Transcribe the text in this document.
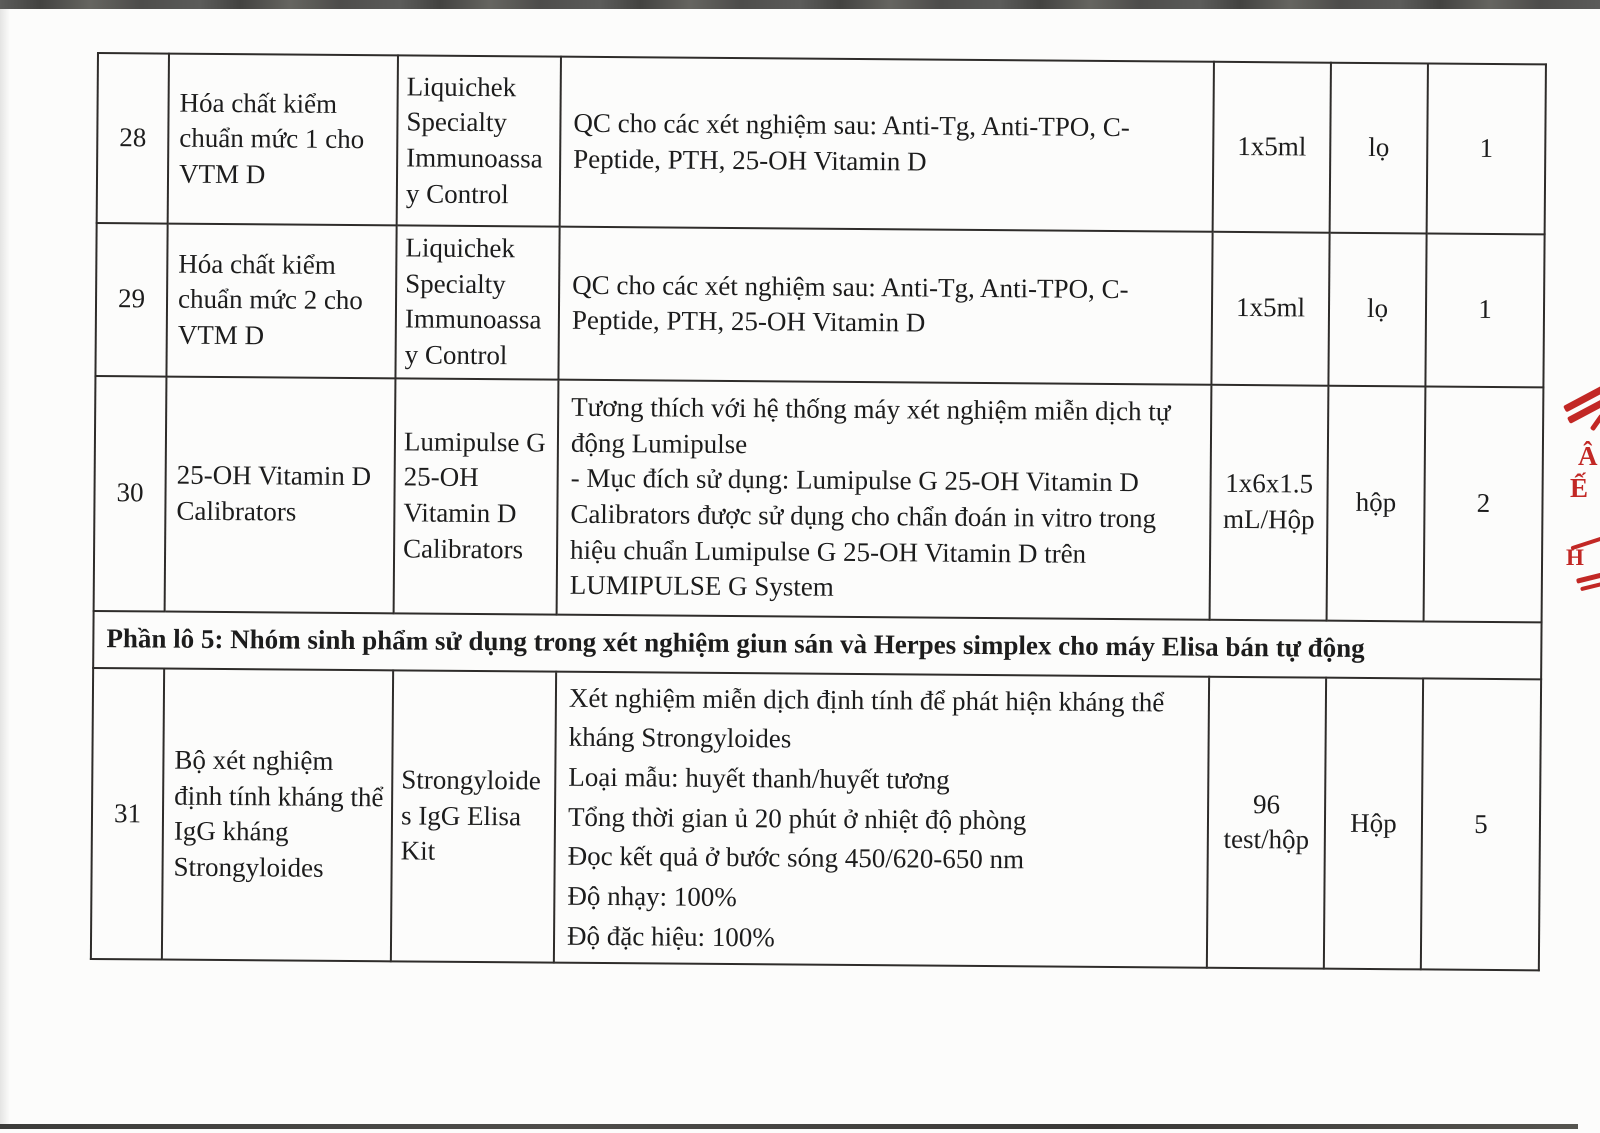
28	Hóa chất kiểm chuẩn mức 1 cho VTM D	Liquichek Specialty Immunoassay Control	QC cho các xét nghiệm sau: Anti-Tg, Anti-TPO, C-Peptide, PTH, 25-OH Vitamin D	1x5ml	lọ	1
29	Hóa chất kiểm chuẩn mức 2 cho VTM D	Liquichek Specialty Immunoassay Control	QC cho các xét nghiệm sau: Anti-Tg, Anti-TPO, C-Peptide, PTH, 25-OH Vitamin D	1x5ml	lọ	1
30	25-OH Vitamin D Calibrators	Lumipulse G 25-OH Vitamin D Calibrators	Tương thích với hệ thống máy xét nghiệm miễn dịch tự động Lumipulse
- Mục đích sử dụng: Lumipulse G 25-OH Vitamin D Calibrators được sử dụng cho chẩn đoán in vitro trong hiệu chuẩn Lumipulse G 25-OH Vitamin D trên LUMIPULSE G System	1x6x1.5 mL/Hộp	hộp	2
Phần lô 5: Nhóm sinh phẩm sử dụng trong xét nghiệm giun sán và Herpes simplex cho máy Elisa bán tự động						
31	Bộ xét nghiệm định tính kháng thể IgG kháng Strongyloides	Strongyloides IgG Elisa Kit	Xét nghiệm miễn dịch định tính để phát hiện kháng thể kháng Strongyloides
Loại mẫu: huyết thanh/huyết tương
Tổng thời gian ủ 20 phút ở nhiệt độ phòng
Đọc kết quả ở bước sóng 450/620-650 nm
Độ nhạy: 100%
Độ đặc hiệu: 100%	96 test/hộp	Hộp	5
Â
Ế
H
